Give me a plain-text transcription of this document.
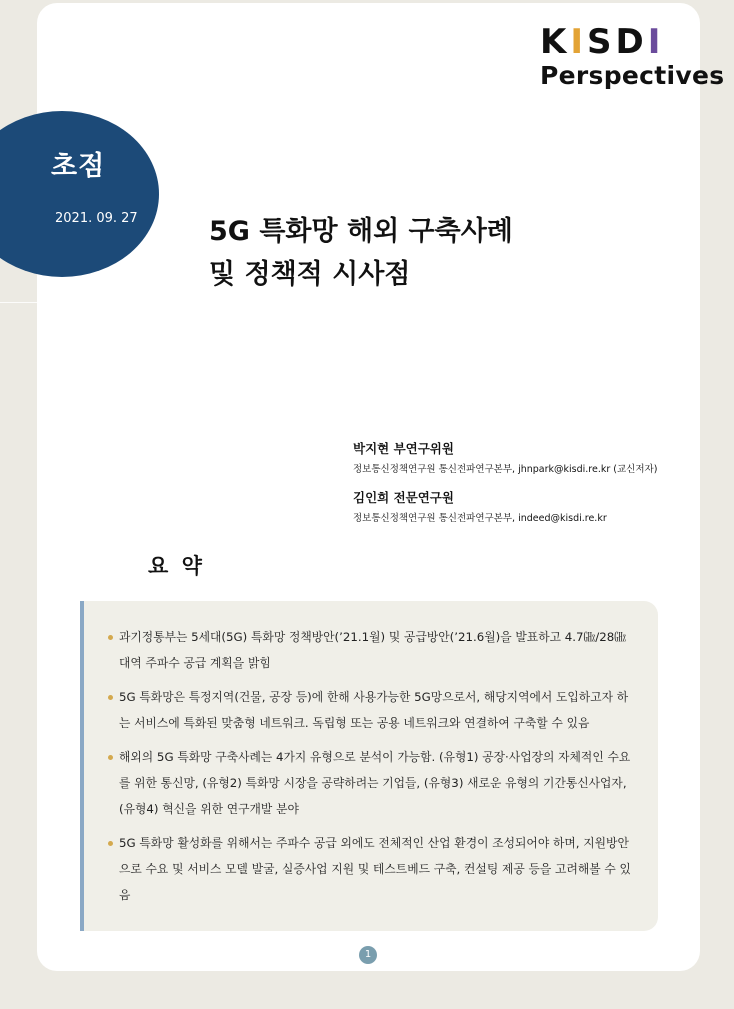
초점
2021. 09. 27
K I S D I
Perspectives
5G 특화망 해외 구축사례
및 정책적 시사점
박지현 부연구위원
정보통신정책연구원 통신전파연구본부, jhnpark@kisdi.re.kr (교신저자)
김인희 전문연구원
정보통신정책연구원 통신전파연구본부, indeed@kisdi.re.kr
요 약
과기정통부는 5세대(5G) 특화망 정책방안(’21.1월) 및 공급방안(’21.6월)을 발표하고 4.7㎓/28㎓ 대역 주파수 공급 계획을 밝힘
5G 특화망은 특정지역(건물, 공장 등)에 한해 사용가능한 5G망으로서, 해당지역에서 도입하고자 하는 서비스에 특화된 맞춤형 네트워크. 독립형 또는 공용 네트워크와 연결하여 구축할 수 있음
해외의 5G 특화망 구축사례는 4가지 유형으로 분석이 가능함. (유형1) 공장·사업장의 자체적인 수요를 위한 통신망, (유형2) 특화망 시장을 공략하려는 기업들, (유형3) 새로운 유형의 기간통신사업자, (유형4) 혁신을 위한 연구개발 분야
5G 특화망 활성화를 위해서는 주파수 공급 외에도 전체적인 산업 환경이 조성되어야 하며, 지원방안으로 수요 및 서비스 모델 발굴, 실증사업 지원 및 테스트베드 구축, 컨설팅 제공 등을 고려해볼 수 있음
1
